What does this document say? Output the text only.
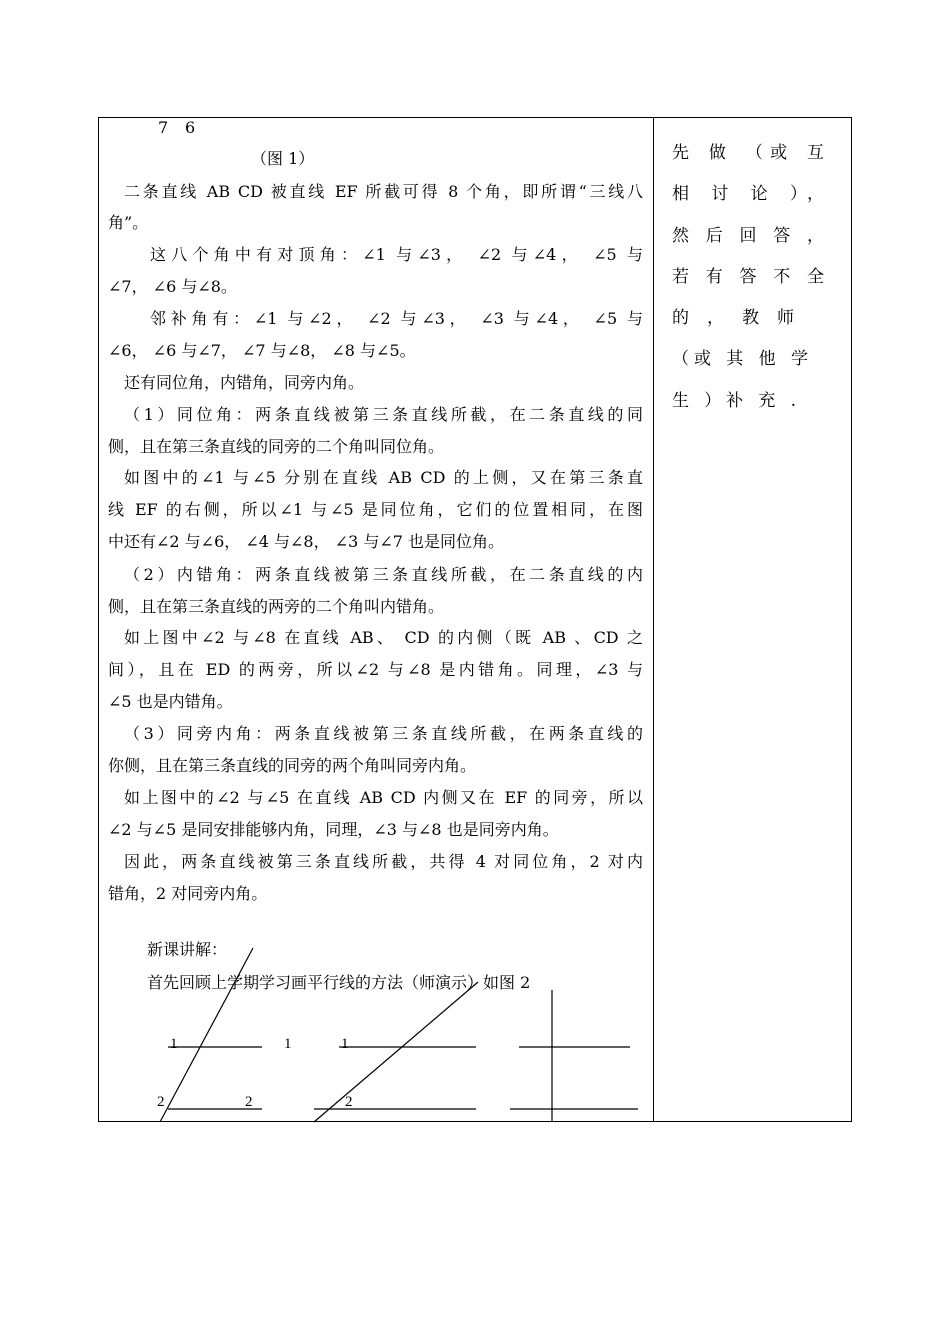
7 6
（图 1）
二条直线 AB CD 被直线 EF 所截可得 8 个角，即所谓“三线八
角”。
这八个角中有对顶角：∠1 与∠3， ∠2 与∠4， ∠5 与
∠7， ∠6 与∠8。
邻补角有：∠1 与∠2， ∠2 与∠3， ∠3 与∠4， ∠5 与
∠6， ∠6 与∠7， ∠7 与∠8， ∠8 与∠5。
还有同位角，内错角，同旁内角。
（1）同位角：两条直线被第三条直线所截，在二条直线的同
侧，且在第三条直线的同旁的二个角叫同位角。
如图中的∠1 与∠5 分别在直线 AB CD 的上侧，又在第三条直
线 EF 的右侧，所以∠1 与∠5 是同位角，它们的位置相同，在图
中还有∠2 与∠6， ∠4 与∠8， ∠3 与∠7 也是同位角。
（2）内错角：两条直线被第三条直线所截，在二条直线的内
侧，且在第三条直线的两旁的二个角叫内错角。
如上图中∠2 与∠8 在直线 AB、 CD 的内侧（既 AB 、CD 之
间），且在 ED 的两旁，所以∠2 与∠8 是内错角。同理，∠3 与
∠5 也是内错角。
（3）同旁内角：两条直线被第三条直线所截，在两条直线的
你侧，且在第三条直线的同旁的两个角叫同旁内角。
如上图中的∠2 与∠5 在直线 AB CD 内侧又在 EF 的同旁，所以
∠2 与∠5 是同安排能够内角，同理，∠3 与∠8 也是同旁内角。
因此，两条直线被第三条直线所截，共得 4 对同位角，2 对内
错角，2 对同旁内角。
新课讲解：
首先回顾上学期学习画平行线的方法（师演示）如图 2
1	1
2	2
1
2
先 做 （或 互
相 讨 论 ），
然 后 回 答 ，
若 有 答 不 全
的 ， 教 师
（或 其 他 学
生 ）补 充 .
